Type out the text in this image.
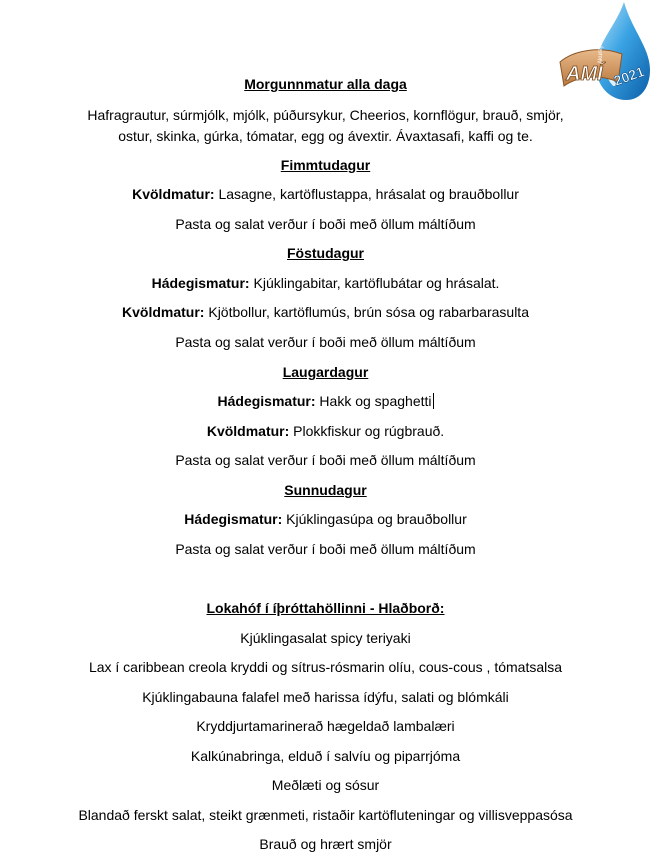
AMÍ
Akureyri
2021
Morgunnmatur alla daga
Hafragrautur, súrmjólk, mjólk, púðursykur, Cheerios, kornflögur, brauð, smjör,
ostur, skinka, gúrka, tómatar, egg og ávextir. Ávaxtasafi, kaffi og te.
Fimmtudagur
Kvöldmatur: Lasagne, kartöflustappa, hrásalat og brauðbollur
Pasta og salat verður í boði með öllum máltíðum
Föstudagur
Hádegismatur: Kjúklingabitar, kartöflubátar og hrásalat.
Kvöldmatur: Kjötbollur, kartöflumús, brún sósa og rabarbarasulta
Pasta og salat verður í boði með öllum máltíðum
Laugardagur
Hádegismatur: Hakk og spaghetti
Kvöldmatur: Plokkfiskur og rúgbrauð.
Pasta og salat verður í boði með öllum máltíðum
Sunnudagur
Hádegismatur: Kjúklingasúpa og brauðbollur
Pasta og salat verður í boði með öllum máltíðum
Lokahóf í íþróttahöllinni - Hlaðborð:
Kjúklingasalat spicy teriyaki
Lax í caribbean creola kryddi og sítrus-rósmarin olíu, cous-cous , tómatsalsa
Kjúklingabauna falafel með harissa ídýfu, salati og blómkáli
Kryddjurtamarinerað hægeldað lambalæri
Kalkúnabringa, elduð í salvíu og piparrjóma
Meðlæti og sósur
Blandað ferskt salat, steikt grænmeti, ristaðir kartöfluteningar og villisveppasósa
Brauð og hrært smjör
